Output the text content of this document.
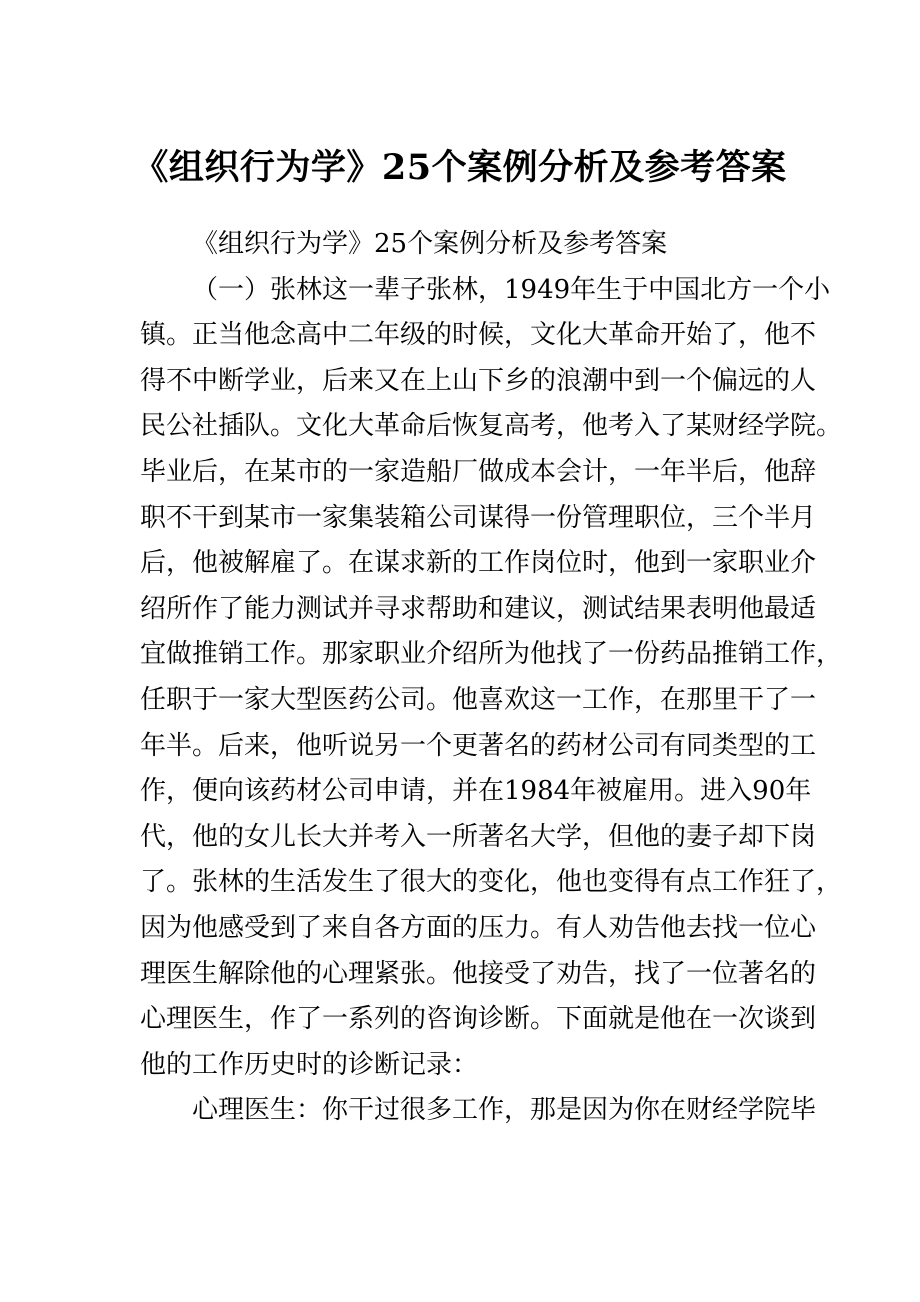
《组织行为学》25个案例分析及参考答案

《组织行为学》25个案例分析及参考答案

（一）张林这一辈子张林，1949年生于中国北方一个小
镇。正当他念高中二年级的时候，文化大革命开始了，他不
得不中断学业，后来又在上山下乡的浪潮中到一个偏远的人
民公社插队。文化大革命后恢复高考，他考入了某财经学院。
毕业后，在某市的一家造船厂做成本会计，一年半后，他辞
职不干到某市一家集装箱公司谋得一份管理职位，三个半月
后，他被解雇了。在谋求新的工作岗位时，他到一家职业介
绍所作了能力测试并寻求帮助和建议，测试结果表明他最适
宜做推销工作。那家职业介绍所为他找了一份药品推销工作，
任职于一家大型医药公司。他喜欢这一工作，在那里干了一
年半。后来，他听说另一个更著名的药材公司有同类型的工
作，便向该药材公司申请，并在1984年被雇用。进入90年
代，他的女儿长大并考入一所著名大学，但他的妻子却下岗
了。张林的生活发生了很大的变化，他也变得有点工作狂了，
因为他感受到了来自各方面的压力。有人劝告他去找一位心
理医生解除他的心理紧张。他接受了劝告，找了一位著名的
心理医生，作了一系列的咨询诊断。下面就是他在一次谈到
他的工作历史时的诊断记录：

心理医生：你干过很多工作，那是因为你在财经学院毕
